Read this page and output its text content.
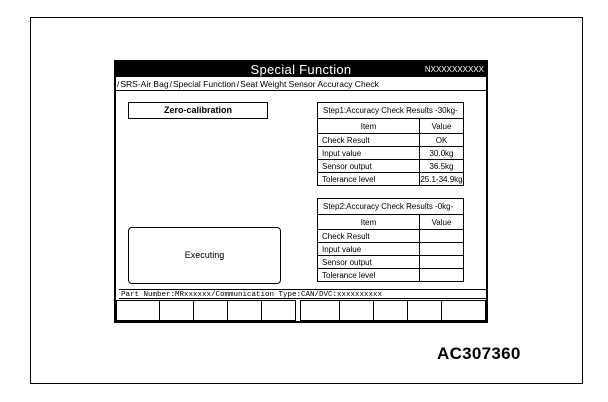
Special Function	NXXXXXXXXXX
/SRS-Air Bag/Special Function/Seat Weight Sensor Accuracy Check
Zero-calibration
Executing
Step1:Accuracy Check Results -30kg-
Item	Value
Check Result	OK
Input value	30.0kg
Sensor output	36.5kg
Tolerance level	25.1-34.9kg
Step2:Accuracy Check Results -0kg-
Item	Value
Check Result	
Input value	
Sensor output	
Tolerance level	
Part Number:MRxxxxxx/Communication Type:CAN/DVC:xxxxxxxxxx
AC307360
